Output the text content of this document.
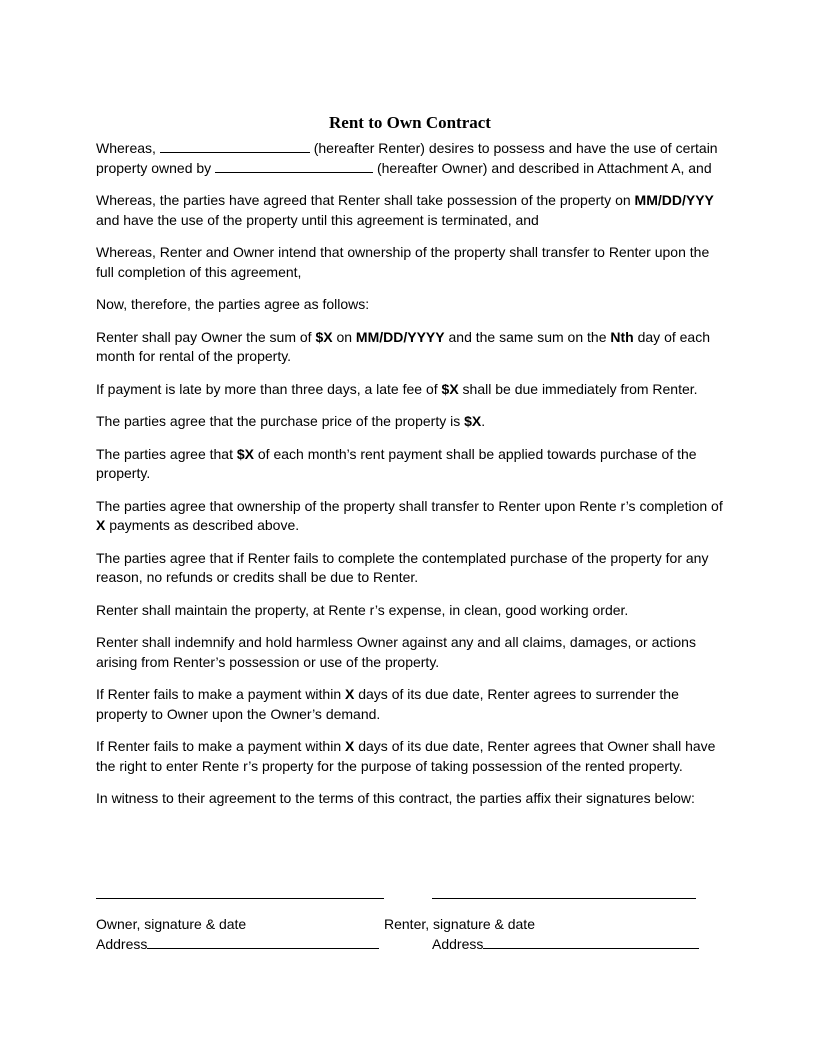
Rent to Own Contract
Whereas,	(hereafter Renter) desires to possess and have the use of certain property owned by	(hereafter Owner) and described in Attachment A, and
Whereas, the parties have agreed that Renter shall take possession of the property on MM/DD/YYY and have the use of the property until this agreement is terminated, and
Whereas, Renter and Owner intend that ownership of the property shall transfer to Renter upon the full completion of this agreement,
Now, therefore, the parties agree as follows:
Renter shall pay Owner the sum of $X on MM/DD/YYYY and the same sum on the Nth day of each month for rental of the property.
If payment is late by more than three days, a late fee of $X shall be due immediately from Renter.
The parties agree that the purchase price of the property is $X.
The parties agree that $X of each month’s rent payment shall be applied towards purchase of the property.
The parties agree that ownership of the property shall transfer to Renter upon Rente r’s completion of X payments as described above.
The parties agree that if Renter fails to complete the contemplated purchase of the property for any reason, no refunds or credits shall be due to Renter.
Renter shall maintain the property, at Rente r’s expense, in clean, good working order.
Renter shall indemnify and hold harmless Owner against any and all claims, damages, or actions arising from Renter’s possession or use of the property.
If Renter fails to make a payment within X days of its due date, Renter agrees to surrender the property to Owner upon the Owner’s demand.
If Renter fails to make a payment within X days of its due date, Renter agrees that Owner shall have the right to enter Rente r’s property for the purpose of taking possession of the rented property.
In witness to their agreement to the terms of this contract, the parties affix their signatures below:
Owner, signature & date
Address
Renter, signature & date
Address
